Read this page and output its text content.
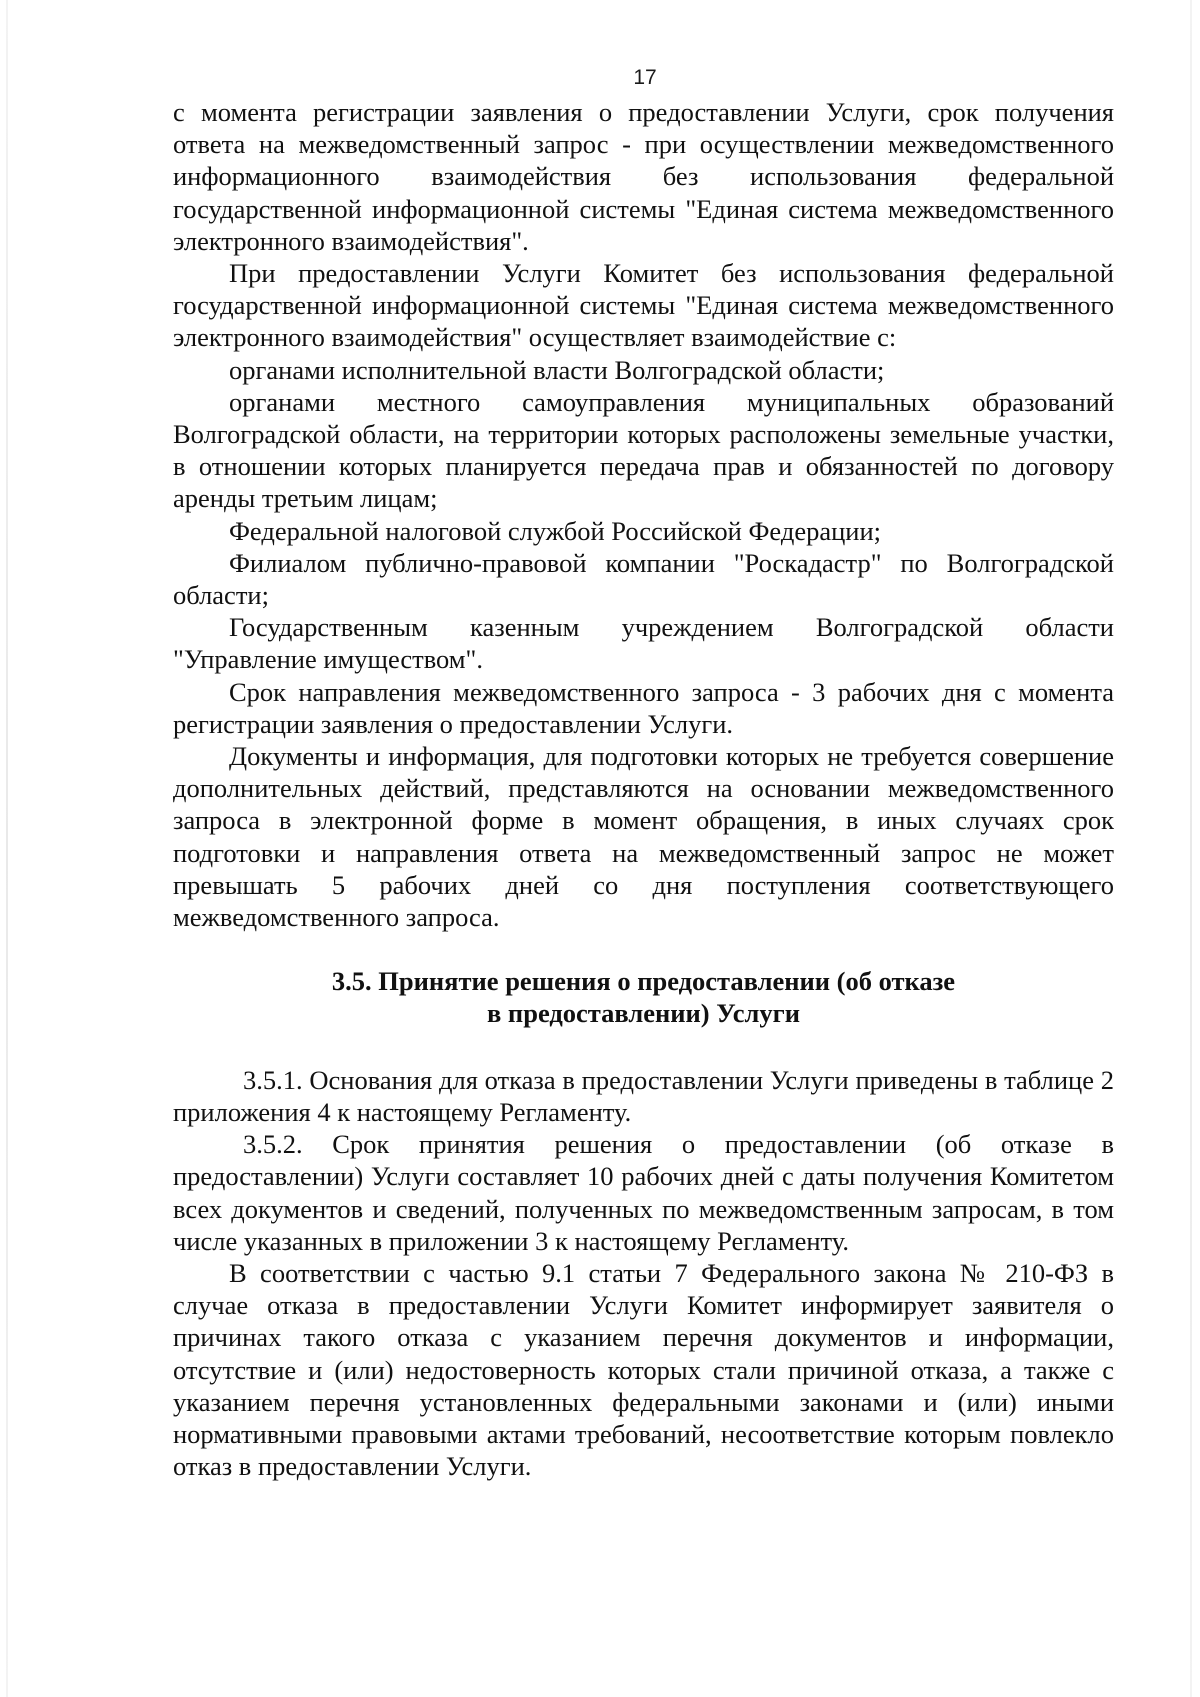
17

с момента регистрации заявления о предоставлении Услуги, срок получения ответа на межведомственный запрос - при осуществлении межведомственного информационного взаимодействия без использования федеральной государственной информационной системы "Единая система межведомственного электронного взаимодействия".

При предоставлении Услуги Комитет без использования федеральной государственной информационной системы "Единая система межведомственного электронного взаимодействия" осуществляет взаимодействие с:

органами исполнительной власти Волгоградской области;

органами местного самоуправления муниципальных образований Волгоградской области, на территории которых расположены земельные участки, в отношении которых планируется передача прав и обязанностей по договору аренды третьим лицам;

Федеральной налоговой службой Российской Федерации;

Филиалом публично-правовой компании "Роскадастр" по Волгоградской области;

Государственным казенным учреждением Волгоградской области "Управление имуществом".

Срок направления межведомственного запроса - 3 рабочих дня с момента регистрации заявления о предоставлении Услуги.

Документы и информация, для подготовки которых не требуется совершение дополнительных действий, представляются на основании межведомственного запроса в электронной форме в момент обращения, в иных случаях срок подготовки и направления ответа на межведомственный запрос не может превышать 5 рабочих дней со дня поступления соответствующего межведомственного запроса.

3.5. Принятие решения о предоставлении (об отказе
в предоставлении) Услуги

3.5.1. Основания для отказа в предоставлении Услуги приведены в таблице 2 приложения 4 к настоящему Регламенту.

3.5.2. Срок принятия решения о предоставлении (об отказе в предоставлении) Услуги составляет 10 рабочих дней с даты получения Комитетом всех документов и сведений, полученных по межведомственным запросам, в том числе указанных в приложении 3 к настоящему Регламенту.

В соответствии с частью 9.1 статьи 7 Федерального закона № 210-ФЗ в случае отказа в предоставлении Услуги Комитет информирует заявителя о причинах такого отказа с указанием перечня документов и информации, отсутствие и (или) недостоверность которых стали причиной отказа, а также с указанием перечня установленных федеральными законами и (или) иными нормативными правовыми актами требований, несоответствие которым повлекло отказ в предоставлении Услуги.
